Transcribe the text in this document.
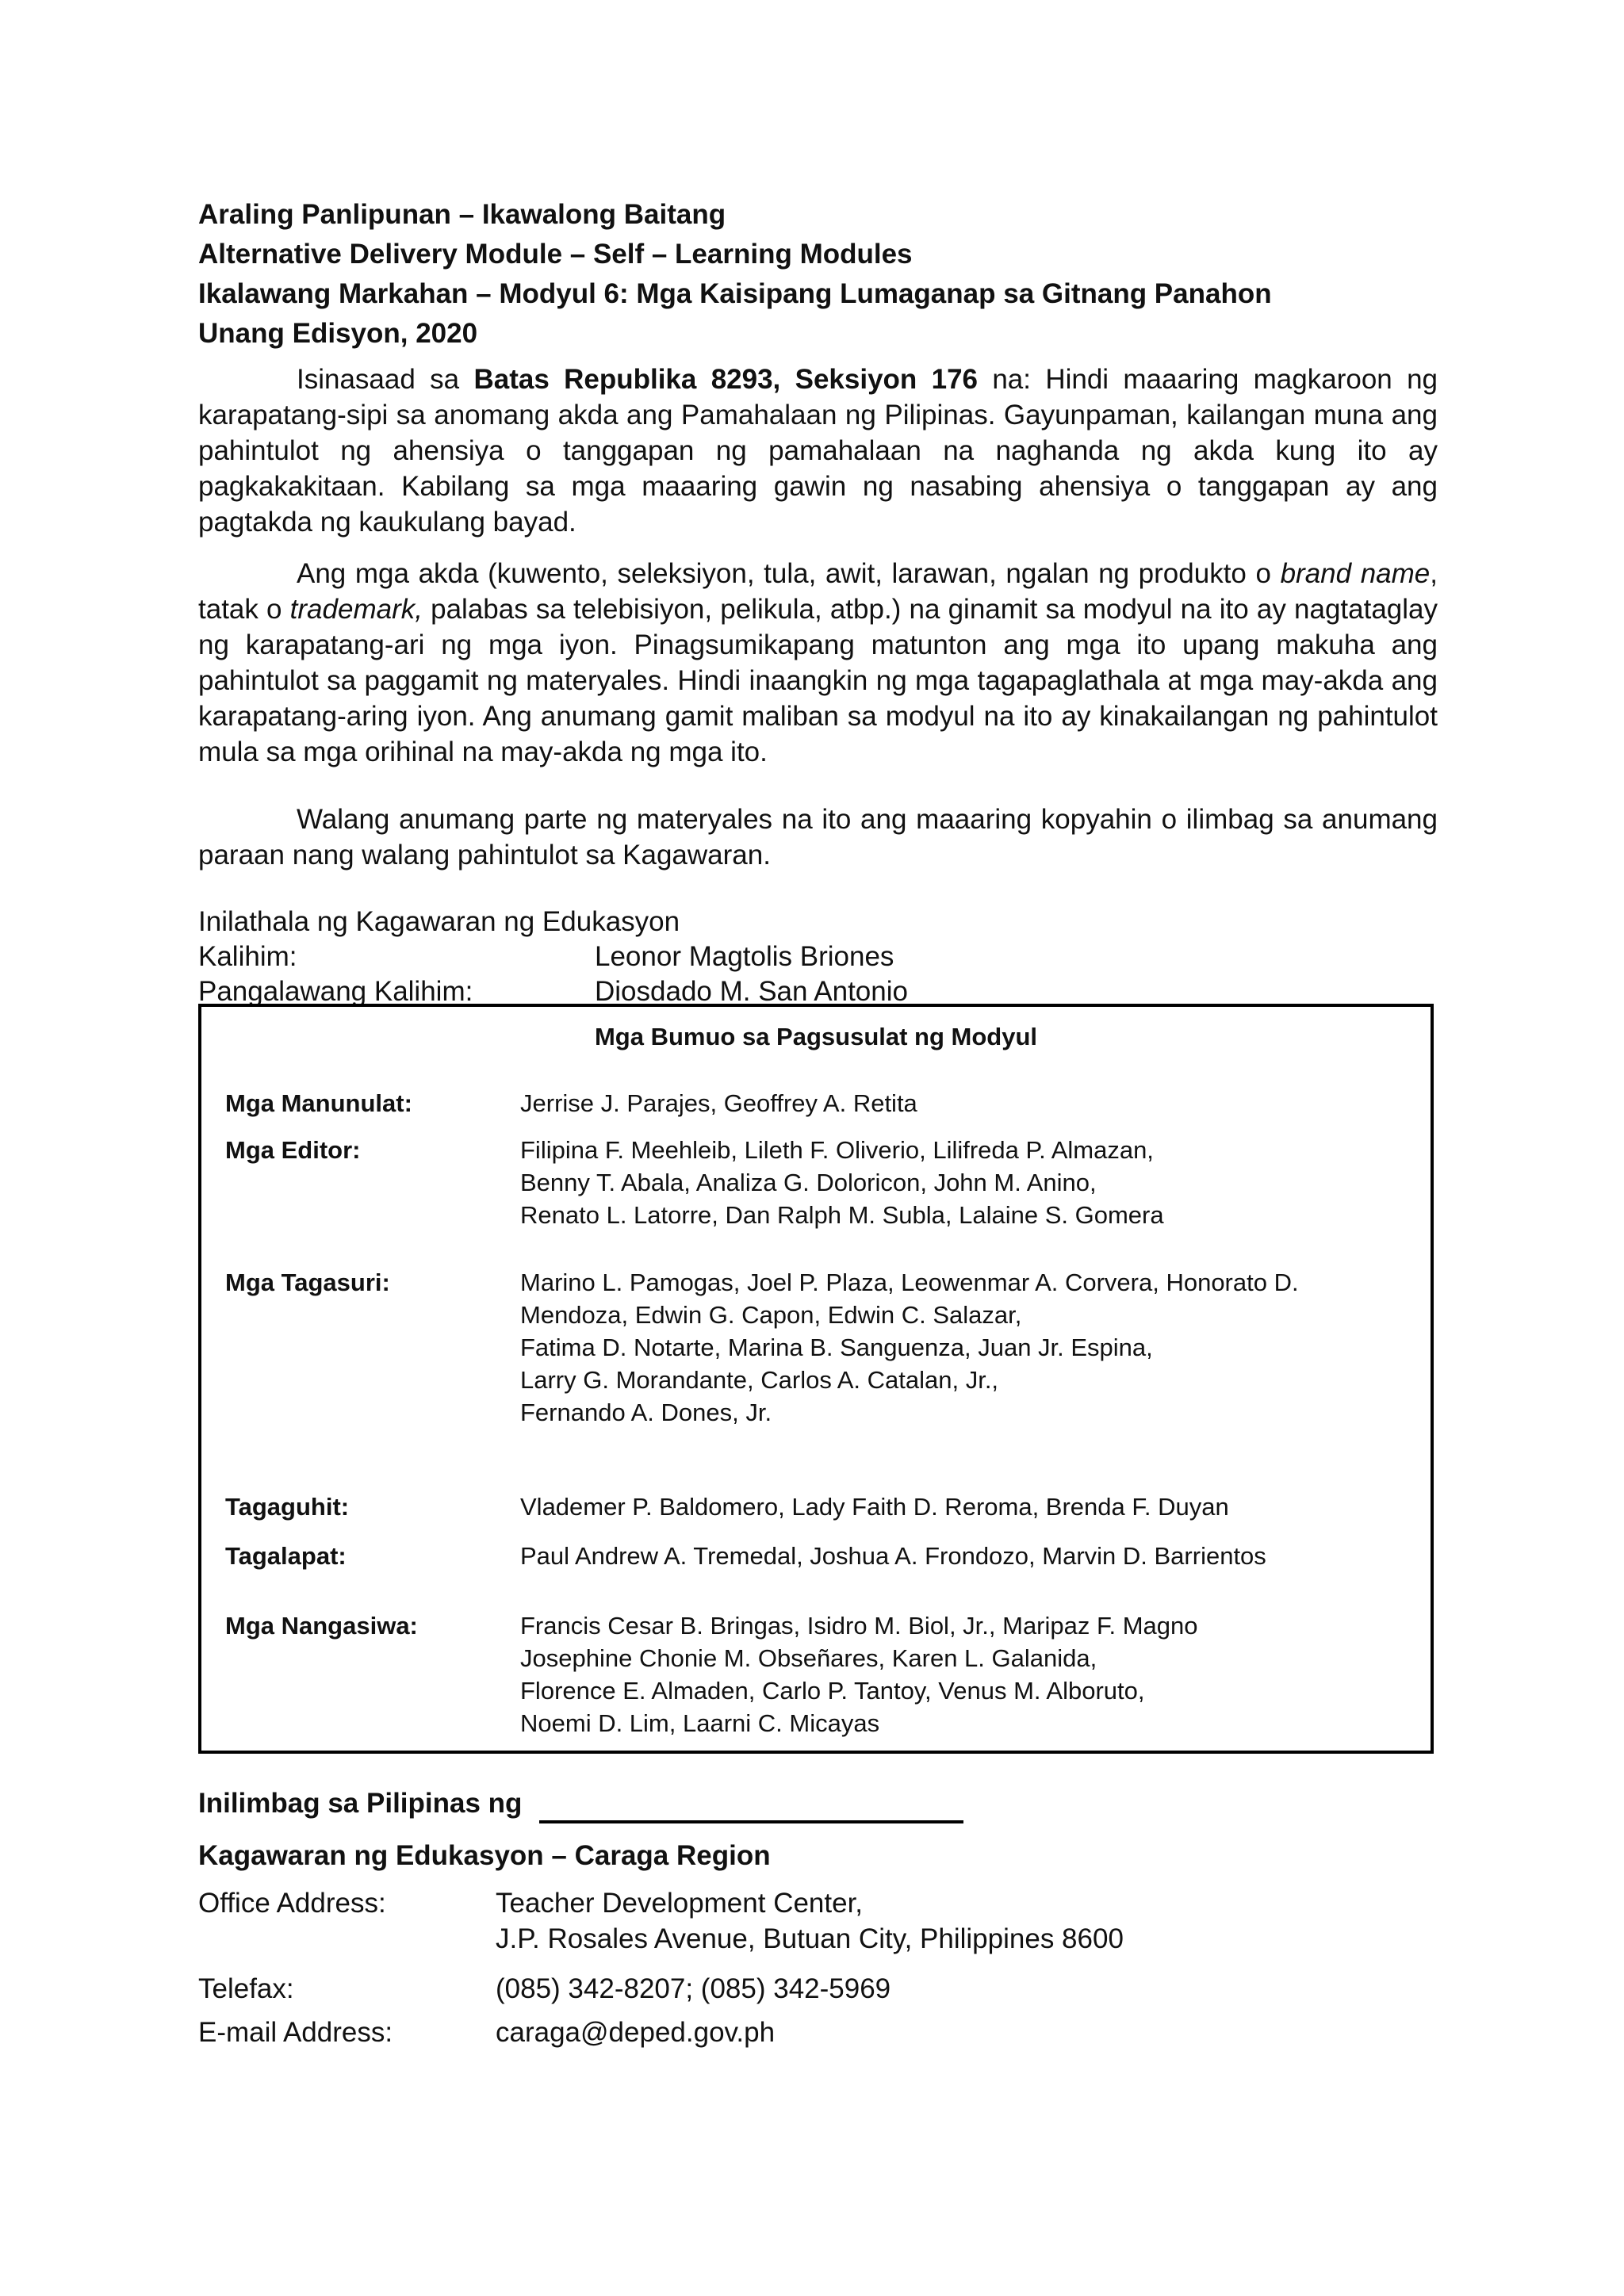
Araling Panlipunan – Ikawalong Baitang

Alternative Delivery Module – Self – Learning Modules

Ikalawang Markahan – Modyul 6: Mga Kaisipang Lumaganap sa Gitnang Panahon

Unang Edisyon, 2020

Isinasaad sa Batas Republika 8293, Seksiyon 176 na: Hindi maaaring magkaroon ng karapatang-sipi sa anomang akda ang Pamahalaan ng Pilipinas. Gayunpaman, kailangan muna ang pahintulot ng ahensiya o tanggapan ng pamahalaan na naghanda ng akda kung ito ay pagkakakitaan. Kabilang sa mga maaaring gawin ng nasabing ahensiya o tanggapan ay ang pagtakda ng kaukulang bayad.

Ang mga akda (kuwento, seleksiyon, tula, awit, larawan, ngalan ng produkto o brand name, tatak o trademark, palabas sa telebisiyon, pelikula, atbp.) na ginamit sa modyul na ito ay nagtataglay ng karapatang-ari ng mga iyon. Pinagsumikapang matunton ang mga ito upang makuha ang pahintulot sa paggamit ng materyales. Hindi inaangkin ng mga tagapaglathala at mga may-akda ang karapatang-aring iyon. Ang anumang gamit maliban sa modyul na ito ay kinakailangan ng pahintulot mula sa mga orihinal na may-akda ng mga ito.

Walang anumang parte ng materyales na ito ang maaaring kopyahin o ilimbag sa anumang paraan nang walang pahintulot sa Kagawaran.

Inilathala ng Kagawaran ng Edukasyon
Kalihim:	Leonor Magtolis Briones
Pangalawang Kalihim:	Diosdado M. San Antonio
Mga Bumuo sa Pagsusulat ng Modyul
Mga Manunulat:	Jerrise J. Parajes, Geoffrey A. Retita
Mga Editor:	Filipina F. Meehleib, Lileth F. Oliverio, Lilifreda P. Almazan,
Benny T. Abala, Analiza G. Doloricon, John M. Anino,
Renato L. Latorre, Dan Ralph M. Subla, Lalaine S. Gomera
Mga Tagasuri:	Marino L. Pamogas, Joel P. Plaza, Leowenmar A. Corvera, Honorato D.
Mendoza, Edwin G. Capon, Edwin C. Salazar,
Fatima D. Notarte, Marina B. Sanguenza, Juan Jr. Espina,
Larry G. Morandante, Carlos A. Catalan, Jr.,
Fernando A. Dones, Jr.
Tagaguhit:	Vlademer P. Baldomero, Lady Faith D. Reroma, Brenda F. Duyan
Tagalapat:	Paul Andrew A. Tremedal, Joshua A. Frondozo, Marvin D. Barrientos
Mga Nangasiwa:	Francis Cesar B. Bringas, Isidro M. Biol, Jr., Maripaz F. Magno
Josephine Chonie M. Obseñares, Karen L. Galanida,
Florence E. Almaden, Carlo P. Tantoy, Venus M. Alboruto,
Noemi D. Lim, Laarni C. Micayas
Inilimbag sa Pilipinas ng
Kagawaran ng Edukasyon – Caraga Region
Office Address:	Teacher Development Center,
J.P. Rosales Avenue, Butuan City, Philippines 8600
Telefax:	(085) 342-8207; (085) 342-5969
E-mail Address:	caraga@deped.gov.ph
